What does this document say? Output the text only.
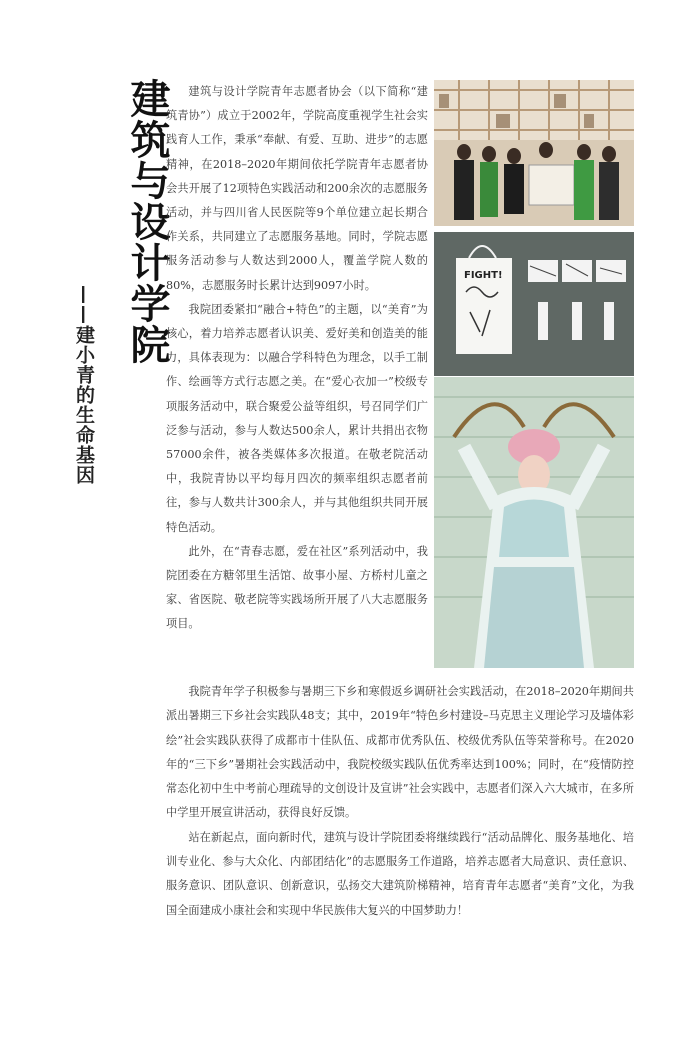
建筑与设计学院
——建小青的生命基因

建筑与设计学院青年志愿者协会（以下简称“建筑青协”）成立于2002年，学院高度重视学生社会实践育人工作，秉承“奉献、有爱、互助、进步”的志愿精神，在2018–2020年期间依托学院青年志愿者协会共开展了12项特色实践活动和200余次的志愿服务活动，并与四川省人民医院等9个单位建立起长期合作关系，共同建立了志愿服务基地。同时，学院志愿服务活动参与人数达到2000人，覆盖学院人数的80%，志愿服务时长累计达到9097小时。

我院团委紧扣“融合+特色”的主题，以“美育”为核心，着力培养志愿者认识美、爱好美和创造美的能力，具体表现为：以融合学科特色为理念，以手工制作、绘画等方式行志愿之美。在“爱心衣加一”校级专项服务活动中，联合聚爱公益等组织，号召同学们广泛参与活动，参与人数达500余人，累计共捐出衣物57000余件，被各类媒体多次报道。在敬老院活动中，我院青协以平均每月四次的频率组织志愿者前往，参与人数共计300余人，并与其他组织共同开展特色活动。

此外，在“青春志愿，爱在社区”系列活动中，我院团委在方糖邻里生活馆、故事小屋、方桥村儿童之家、省医院、敬老院等实践场所开展了八大志愿服务项目。

FIGHT!

我院青年学子积极参与暑期三下乡和寒假返乡调研社会实践活动，在2018–2020年期间共派出暑期三下乡社会实践队48支；其中，2019年“特色乡村建设–马克思主义理论学习及墙体彩绘”社会实践队获得了成都市十佳队伍、成都市优秀队伍、校级优秀队伍等荣誉称号。在2020年的“三下乡”暑期社会实践活动中，我院校级实践队伍优秀率达到100%；同时，在“疫情防控常态化初中生中考前心理疏导的文创设计及宣讲”社会实践中，志愿者们深入六大城市，在多所中学里开展宣讲活动，获得良好反馈。

站在新起点，面向新时代，建筑与设计学院团委将继续践行“活动品牌化、服务基地化、培训专业化、参与大众化、内部团结化”的志愿服务工作道路，培养志愿者大局意识、责任意识、服务意识、团队意识、创新意识，弘扬交大建筑阶梯精神，培育青年志愿者“美育”文化，为我国全面建成小康社会和实现中华民族伟大复兴的中国梦助力！
